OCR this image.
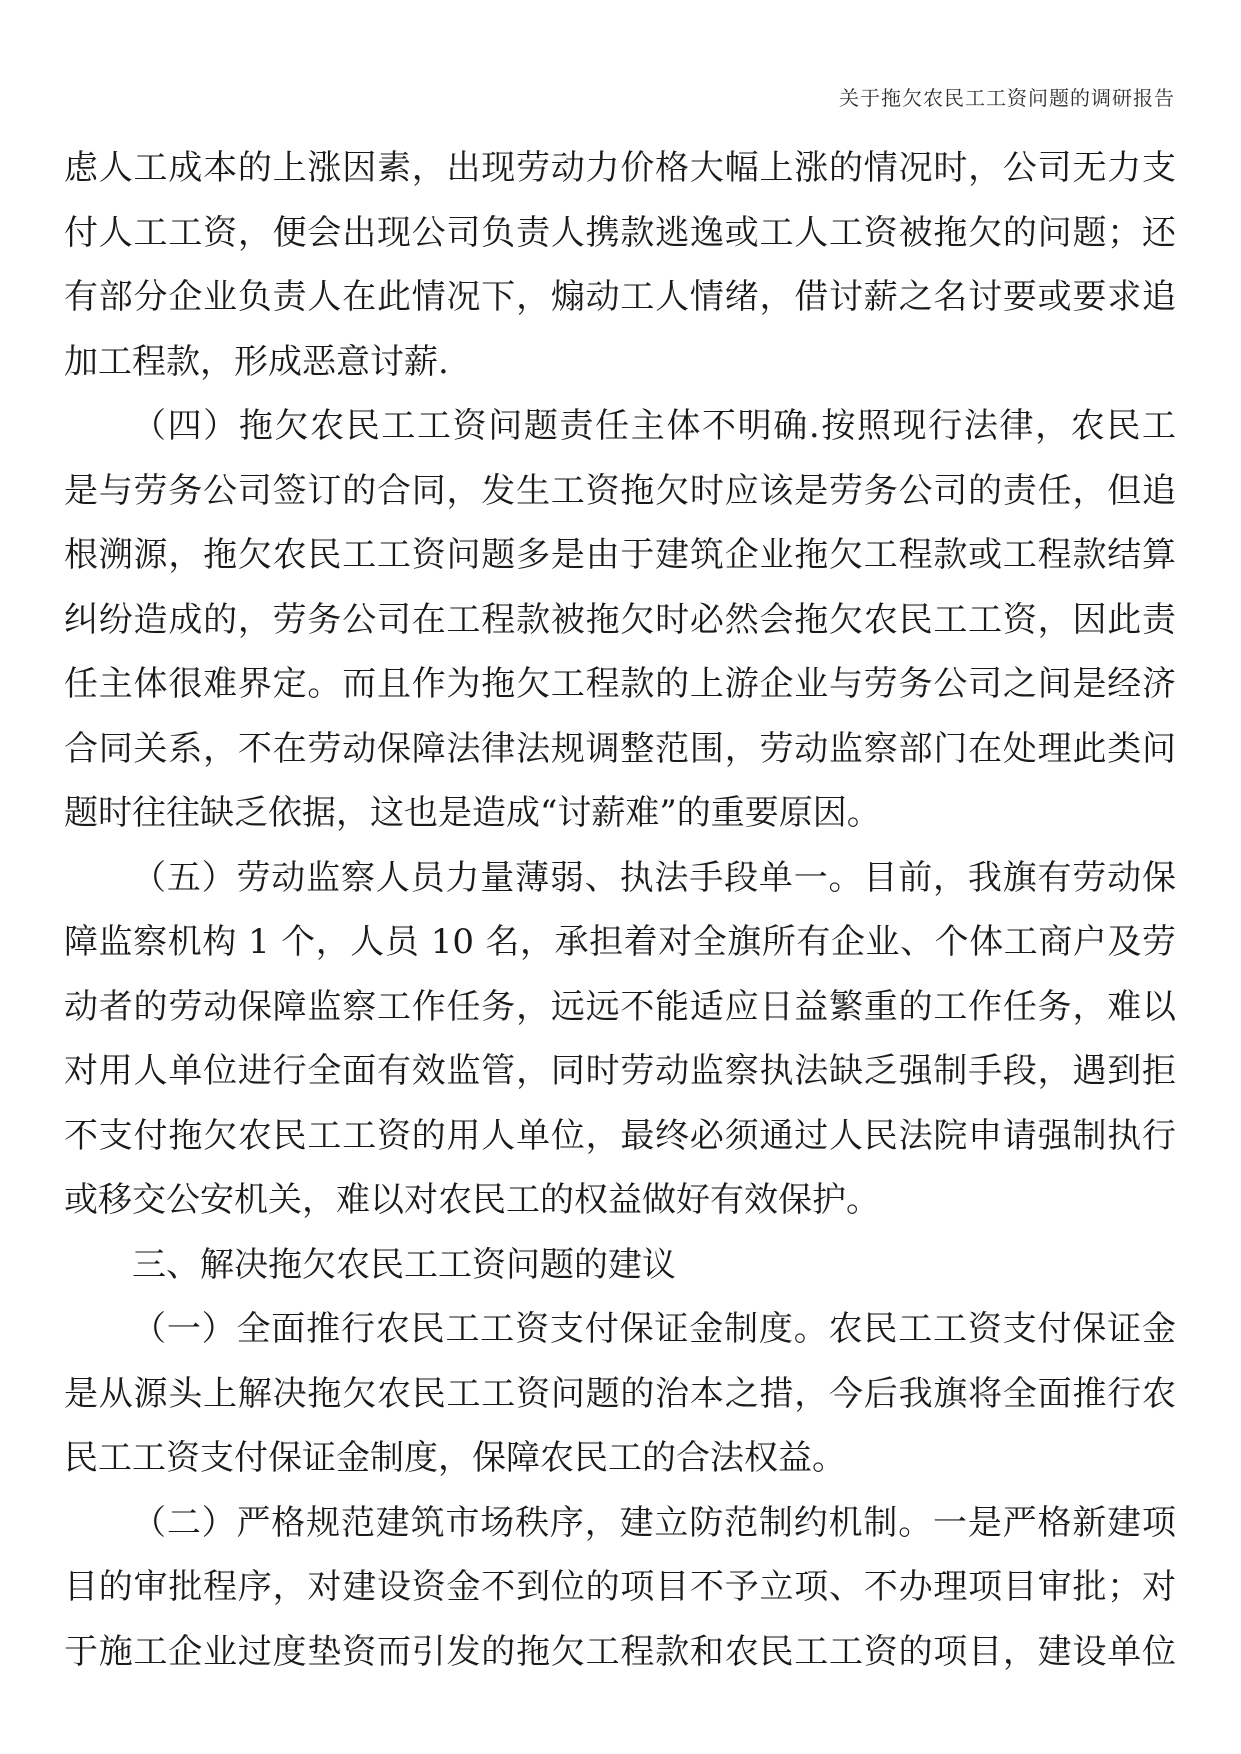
关于拖欠农民工工资问题的调研报告
虑人工成本的上涨因素，出现劳动力价格大幅上涨的情况时，公司无力支
付人工工资，便会出现公司负责人携款逃逸或工人工资被拖欠的问题；还
有部分企业负责人在此情况下，煽动工人情绪，借讨薪之名讨要或要求追
加工程款，形成恶意讨薪.
（四）拖欠农民工工资问题责任主体不明确.按照现行法律，农民工
是与劳务公司签订的合同，发生工资拖欠时应该是劳务公司的责任，但追
根溯源，拖欠农民工工资问题多是由于建筑企业拖欠工程款或工程款结算
纠纷造成的，劳务公司在工程款被拖欠时必然会拖欠农民工工资，因此责
任主体很难界定。而且作为拖欠工程款的上游企业与劳务公司之间是经济
合同关系，不在劳动保障法律法规调整范围，劳动监察部门在处理此类问
题时往往缺乏依据，这也是造成“讨薪难”的重要原因。
（五）劳动监察人员力量薄弱、执法手段单一。目前，我旗有劳动保
障监察机构 1 个，人员 10 名，承担着对全旗所有企业、个体工商户及劳
动者的劳动保障监察工作任务，远远不能适应日益繁重的工作任务，难以
对用人单位进行全面有效监管，同时劳动监察执法缺乏强制手段，遇到拒
不支付拖欠农民工工资的用人单位，最终必须通过人民法院申请强制执行
或移交公安机关，难以对农民工的权益做好有效保护。
三、解决拖欠农民工工资问题的建议
（一）全面推行农民工工资支付保证金制度。农民工工资支付保证金
是从源头上解决拖欠农民工工资问题的治本之措，今后我旗将全面推行农
民工工资支付保证金制度，保障农民工的合法权益。
（二）严格规范建筑市场秩序，建立防范制约机制。一是严格新建项
目的审批程序，对建设资金不到位的项目不予立项、不办理项目审批；对
于施工企业过度垫资而引发的拖欠工程款和农民工工资的项目，建设单位
